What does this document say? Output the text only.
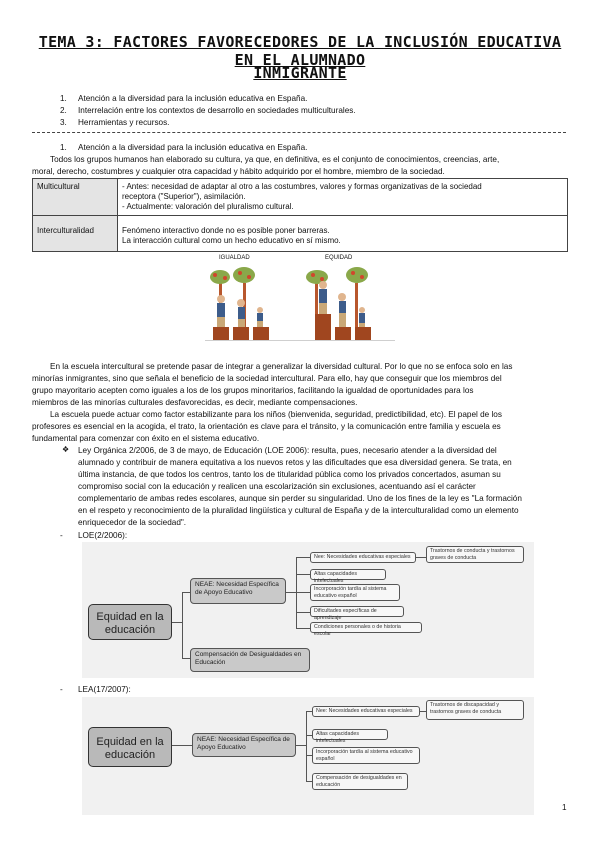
TEMA 3: FACTORES FAVORECEDORES DE LA INCLUSIÓN EDUCATIVA EN EL ALUMNADO
INMIGRANTE
1. Atención a la diversidad para la inclusión educativa en España.
2. Interrelación entre los contextos de desarrollo en sociedades multiculturales.
3. Herramientas y recursos.
1. Atención a la diversidad para la inclusión educativa en España.
Todos los grupos humanos han elaborado su cultura, ya que, en definitiva, es el conjunto de conocimientos, creencias, arte,
moral, derecho, costumbres y cualquier otra capacidad y hábito adquirido por el hombre, miembro de la sociedad.
Multicultural	- Antes: necesidad de adaptar al otro a las costumbres, valores y formas organizativas de la sociedad
receptora ("Superior"), asimilación.
- Actualmente: valoración del pluralismo cultural.

Interculturalidad	Fenómeno interactivo donde no es posible poner barreras.
La interacción cultural como un hecho educativo en sí mismo.
IGUALDAD	EQUIDAD
En la escuela intercultural se pretende pasar de integrar a generalizar la diversidad cultural. Por lo que no se enfoca solo en las
minorías inmigrantes, sino que señala el beneficio de la sociedad intercultural. Para ello, hay que conseguir que los miembros del
grupo mayoritario acepten como iguales a los de los grupos minoritarios, facilitando la igualdad de oportunidades para los
miembros de las minorías culturales desfavorecidas, es decir, mediante compensaciones.
La escuela puede actuar como factor estabilizante para los niños (bienvenida, seguridad, predictibilidad, etc). El papel de los
profesores es esencial en la acogida, el trato, la orientación es clave para el tránsito, y la comunicación entre familia y escuela es
fundamental para comenzar con éxito en el sistema educativo.
❖ Ley Orgánica 2/2006, de 3 de mayo, de Educación (LOE 2006): resulta, pues, necesario atender a la diversidad del
alumnado y contribuir de manera equitativa a los nuevos retos y las dificultades que esa diversidad genera. Se trata, en
última instancia, de que todos los centros, tanto los de titularidad pública como los privados concertados, asuman su
compromiso social con la educación y realicen una escolarización sin exclusiones, acentuando así el carácter
complementario de ambas redes escolares, aunque sin perder su singularidad. Uno de los fines de la ley es "La formación
en el respeto y reconocimiento de la pluralidad lingüística y cultural de España y de la interculturalidad como un elemento
enriquecedor de la sociedad".
- LOE(2/2006):
Equidad en la educación
NEAE: Necesidad Específica de Apoyo Educativo
Compensación de Desigualdades en Educación
Nee: Necesidades educativas especiales
Trastornos de conducta y trastornos graves de conducta
Altas capacidades intelectuales
Incorporación tardía al sistema educativo español
Dificultades específicas de aprendizaje
Condiciones personales o de historia escolar
- LEA(17/2007):
Equidad en la educación
NEAE: Necesidad Específica de Apoyo Educativo
Nee: Necesidades educativas especiales
Trastornos de discapacidad y trastornos graves de conducta
Altas capacidades intelectuales
Incorporación tardía al sistema educativo español
Compensación de desigualdades en educación
1
